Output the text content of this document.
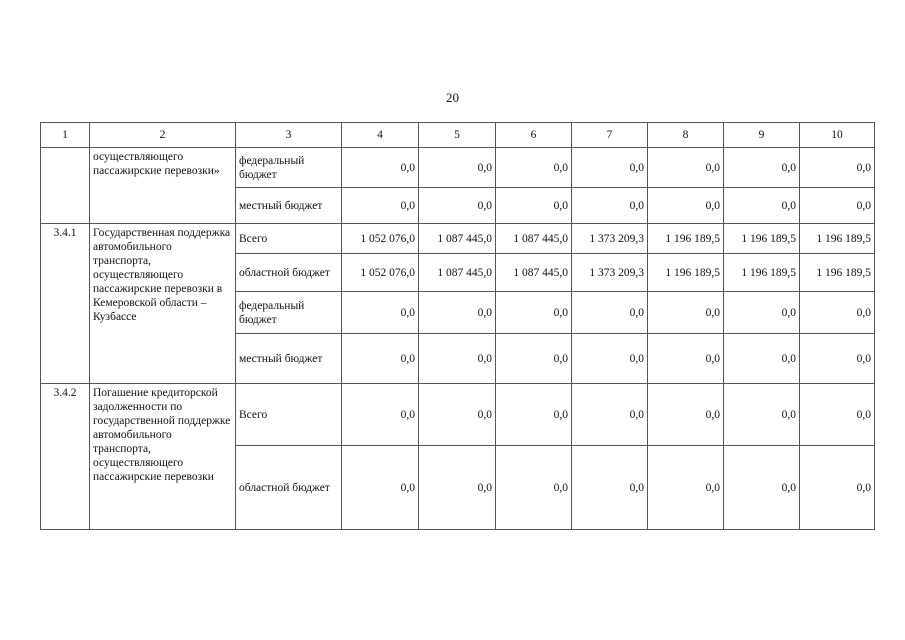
20
1	2	3	4	5	6	7	8	9	10
	осуществляющего пассажирские перевозки»	федеральный бюджет	0,0	0,0	0,0	0,0	0,0	0,0	0,0
		местный бюджет	0,0	0,0	0,0	0,0	0,0	0,0	0,0
3.4.1	Государственная поддержка автомобильного транспорта, осуществляющего пассажирские перевозки в Кемеровской области – Кузбассе	Всего	1 052 076,0	1 087 445,0	1 087 445,0	1 373 209,3	1 196 189,5	1 196 189,5	1 196 189,5
		областной бюджет	1 052 076,0	1 087 445,0	1 087 445,0	1 373 209,3	1 196 189,5	1 196 189,5	1 196 189,5
		федеральный бюджет	0,0	0,0	0,0	0,0	0,0	0,0	0,0
		местный бюджет	0,0	0,0	0,0	0,0	0,0	0,0	0,0
3.4.2	Погашение кредиторской задолженности по государственной поддержке автомобильного транспорта, осуществляющего пассажирские перевозки	Всего	0,0	0,0	0,0	0,0	0,0	0,0	0,0
		областной бюджет	0,0	0,0	0,0	0,0	0,0	0,0	0,0
